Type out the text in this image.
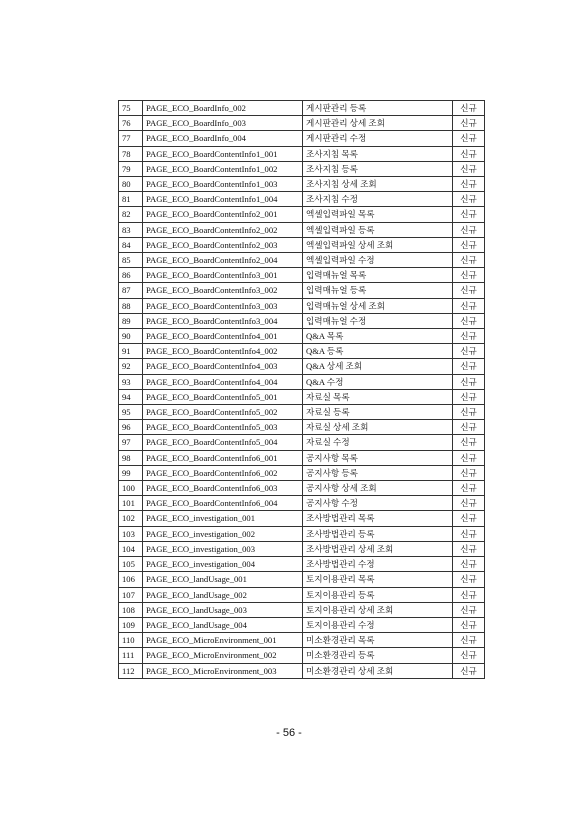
75	PAGE_ECO_BoardInfo_002	게시판관리 등록	신규
76	PAGE_ECO_BoardInfo_003	게시판관리 상세 조회	신규
77	PAGE_ECO_BoardInfo_004	게시판관리 수정	신규
78	PAGE_ECO_BoardContentInfo1_001	조사지침 목록	신규
79	PAGE_ECO_BoardContentInfo1_002	조사지침 등록	신규
80	PAGE_ECO_BoardContentInfo1_003	조사지침 상세 조회	신규
81	PAGE_ECO_BoardContentInfo1_004	조사지침 수정	신규
82	PAGE_ECO_BoardContentInfo2_001	엑셀입력파일 목록	신규
83	PAGE_ECO_BoardContentInfo2_002	엑셀입력파일 등록	신규
84	PAGE_ECO_BoardContentInfo2_003	엑셀입력파일 상세 조회	신규
85	PAGE_ECO_BoardContentInfo2_004	엑셀입력파일 수정	신규
86	PAGE_ECO_BoardContentInfo3_001	입력매뉴얼 목록	신규
87	PAGE_ECO_BoardContentInfo3_002	입력매뉴얼 등록	신규
88	PAGE_ECO_BoardContentInfo3_003	입력매뉴얼 상세 조회	신규
89	PAGE_ECO_BoardContentInfo3_004	입력매뉴얼 수정	신규
90	PAGE_ECO_BoardContentInfo4_001	Q&A 목록	신규
91	PAGE_ECO_BoardContentInfo4_002	Q&A 등록	신규
92	PAGE_ECO_BoardContentInfo4_003	Q&A 상세 조회	신규
93	PAGE_ECO_BoardContentInfo4_004	Q&A 수정	신규
94	PAGE_ECO_BoardContentInfo5_001	자료실 목록	신규
95	PAGE_ECO_BoardContentInfo5_002	자료실 등록	신규
96	PAGE_ECO_BoardContentInfo5_003	자료실 상세 조회	신규
97	PAGE_ECO_BoardContentInfo5_004	자료실 수정	신규
98	PAGE_ECO_BoardContentInfo6_001	공지사항 목록	신규
99	PAGE_ECO_BoardContentInfo6_002	공지사항 등록	신규
100	PAGE_ECO_BoardContentInfo6_003	공지사항 상세 조회	신규
101	PAGE_ECO_BoardContentInfo6_004	공지사항 수정	신규
102	PAGE_ECO_investigation_001	조사방법관리 목록	신규
103	PAGE_ECO_investigation_002	조사방법관리 등록	신규
104	PAGE_ECO_investigation_003	조사방법관리 상세 조회	신규
105	PAGE_ECO_investigation_004	조사방법관리 수정	신규
106	PAGE_ECO_landUsage_001	토지이용관리 목록	신규
107	PAGE_ECO_landUsage_002	토지이용관리 등록	신규
108	PAGE_ECO_landUsage_003	토지이용관리 상세 조회	신규
109	PAGE_ECO_landUsage_004	토지이용관리 수정	신규
110	PAGE_ECO_MicroEnvironment_001	미소환경관리 목록	신규
111	PAGE_ECO_MicroEnvironment_002	미소환경관리 등록	신규
112	PAGE_ECO_MicroEnvironment_003	미소환경관리 상세 조회	신규
- 56 -
